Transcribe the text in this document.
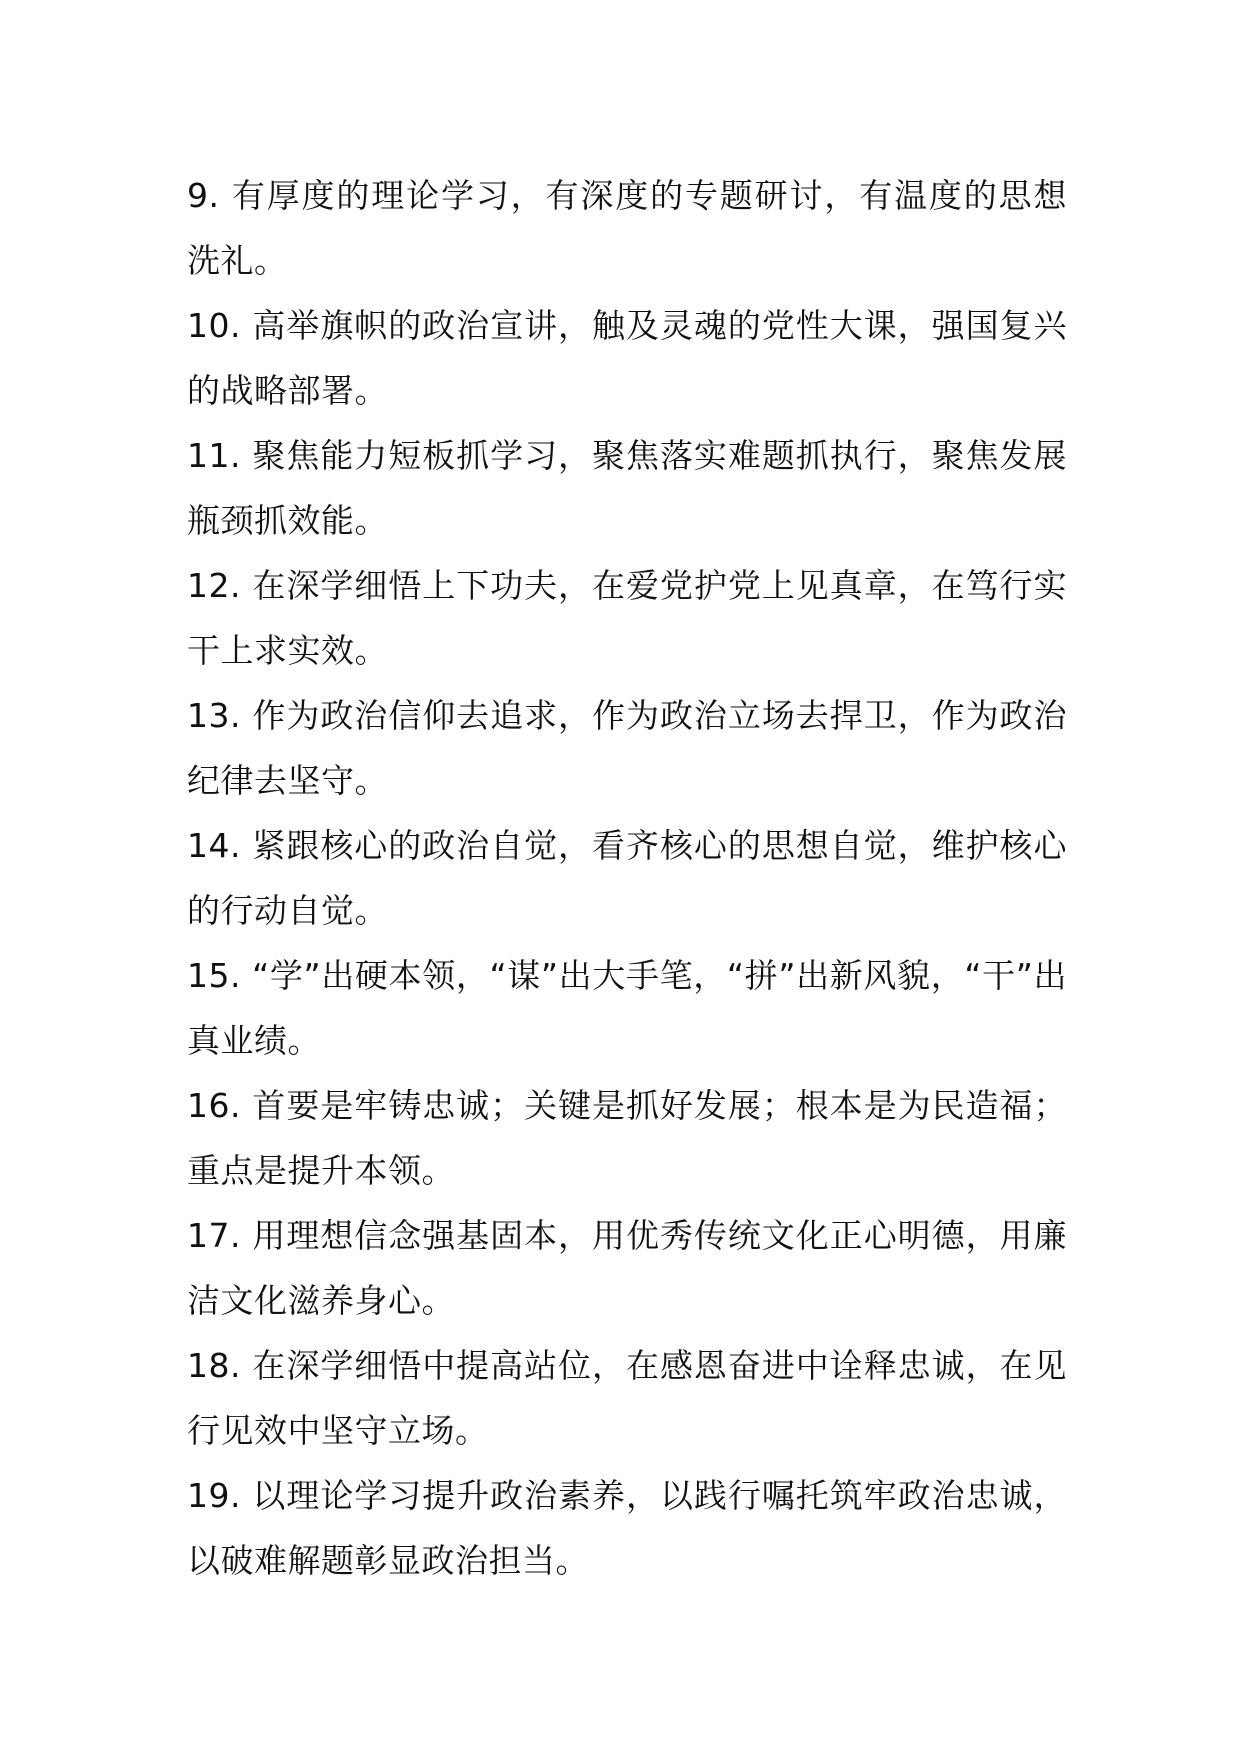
9. 有厚度的理论学习，有深度的专题研讨，有温度的思想洗礼。

10. 高举旗帜的政治宣讲，触及灵魂的党性大课，强国复兴的战略部署。

11. 聚焦能力短板抓学习，聚焦落实难题抓执行，聚焦发展瓶颈抓效能。

12. 在深学细悟上下功夫，在爱党护党上见真章，在笃行实干上求实效。

13. 作为政治信仰去追求，作为政治立场去捍卫，作为政治纪律去坚守。

14. 紧跟核心的政治自觉，看齐核心的思想自觉，维护核心的行动自觉。

15. “学”出硬本领，“谋”出大手笔，“拼”出新风貌，“干”出真业绩。

16. 首要是牢铸忠诚；关键是抓好发展；根本是为民造福；重点是提升本领。

17. 用理想信念强基固本，用优秀传统文化正心明德，用廉洁文化滋养身心。

18. 在深学细悟中提高站位，在感恩奋进中诠释忠诚，在见行见效中坚守立场。

19. 以理论学习提升政治素养，以践行嘱托筑牢政治忠诚，以破难解题彰显政治担当。
